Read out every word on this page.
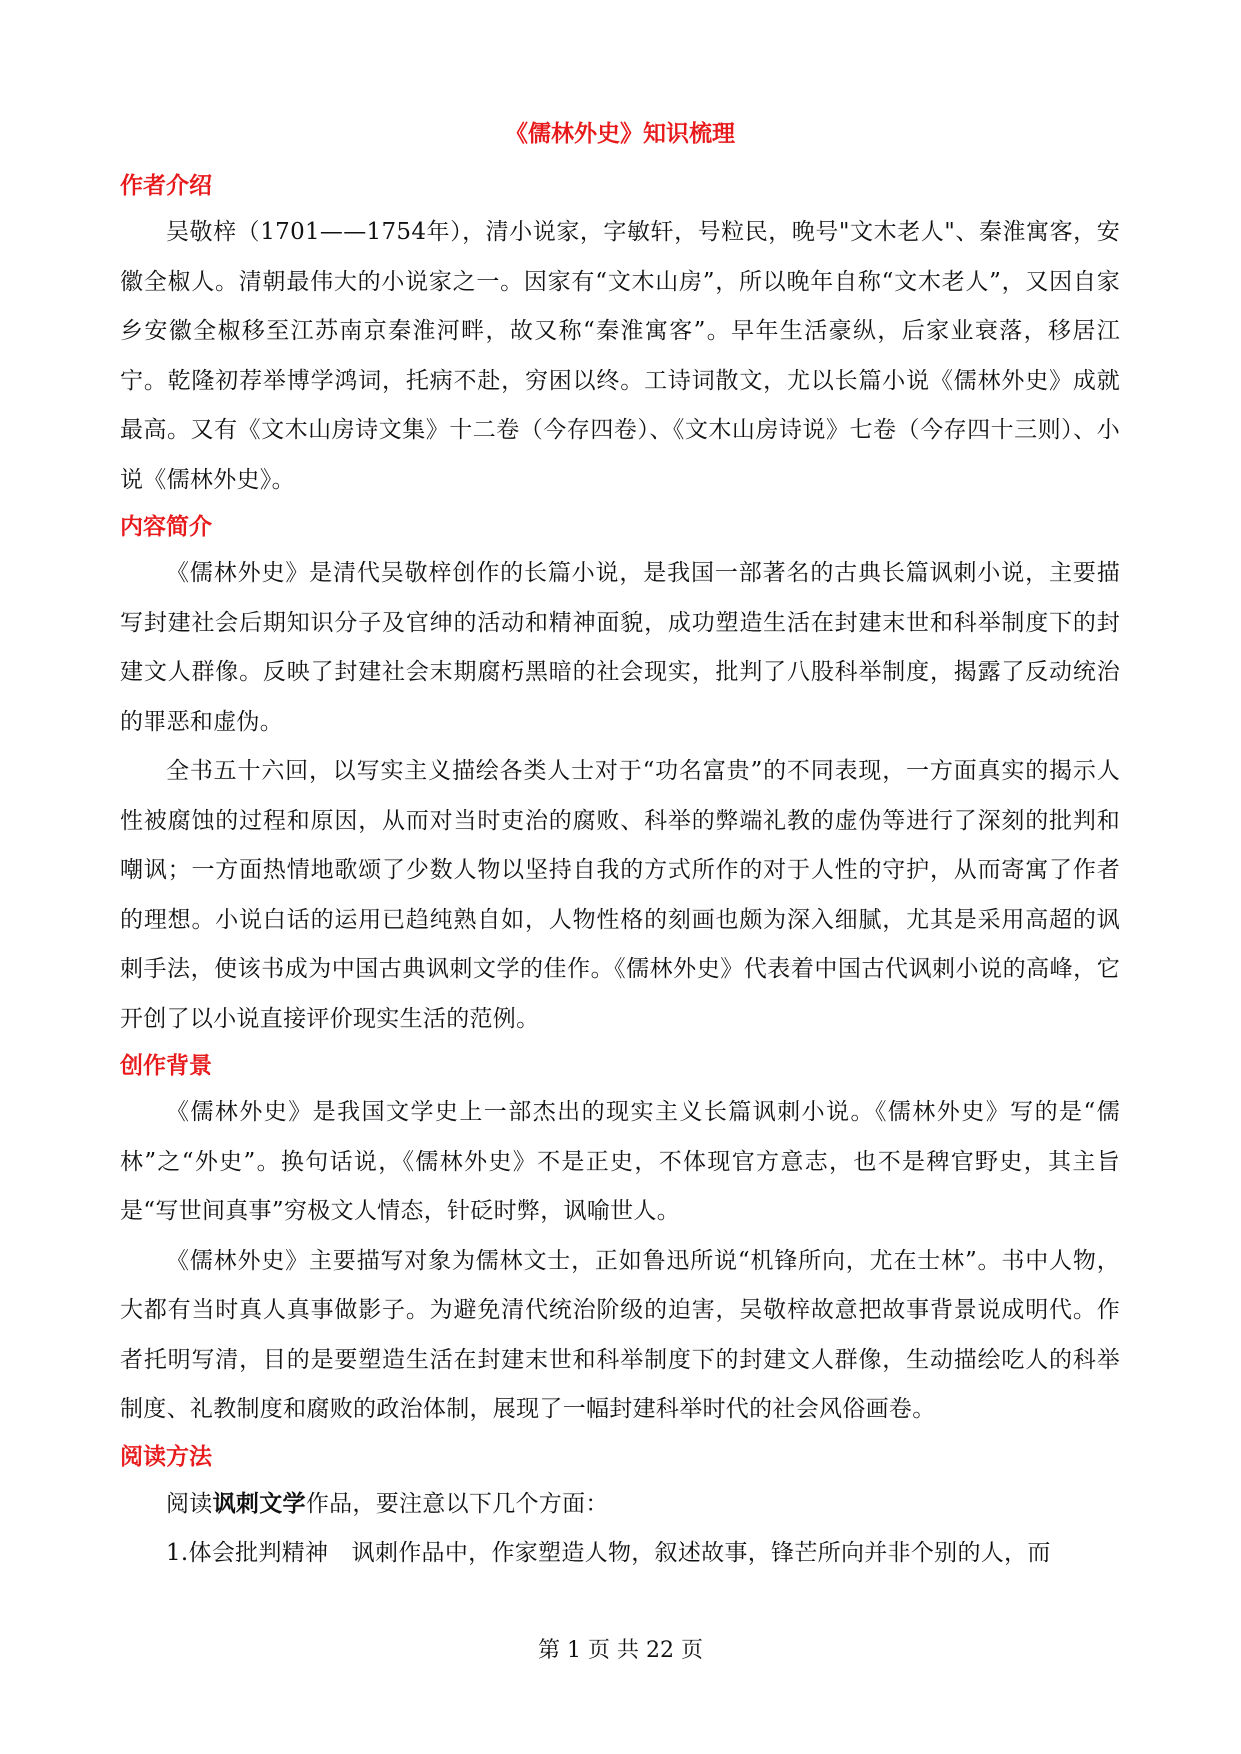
《儒林外史》知识梳理
作者介绍

吴敬梓（1701——1754年），清小说家，字敏轩，号粒民，晚号"文木老人"、秦淮寓客，安徽全椒人。清朝最伟大的小说家之一。因家有“文木山房”，所以晚年自称“文木老人”，又因自家乡安徽全椒移至江苏南京秦淮河畔，故又称“秦淮寓客”。早年生活豪纵，后家业衰落，移居江宁。乾隆初荐举博学鸿词，托病不赴，穷困以终。工诗词散文，尤以长篇小说《儒林外史》成就最高。又有《文木山房诗文集》十二卷（今存四卷）、《文木山房诗说》七卷（今存四十三则）、小说《儒林外史》。

内容简介

《儒林外史》是清代吴敬梓创作的长篇小说，是我国一部著名的古典长篇讽刺小说，主要描写封建社会后期知识分子及官绅的活动和精神面貌，成功塑造生活在封建末世和科举制度下的封建文人群像。反映了封建社会末期腐朽黑暗的社会现实，批判了八股科举制度，揭露了反动统治的罪恶和虚伪。

全书五十六回，以写实主义描绘各类人士对于“功名富贵”的不同表现，一方面真实的揭示人性被腐蚀的过程和原因，从而对当时吏治的腐败、科举的弊端礼教的虚伪等进行了深刻的批判和嘲讽；一方面热情地歌颂了少数人物以坚持自我的方式所作的对于人性的守护，从而寄寓了作者的理想。小说白话的运用已趋纯熟自如，人物性格的刻画也颇为深入细腻，尤其是采用高超的讽刺手法，使该书成为中国古典讽刺文学的佳作。《儒林外史》代表着中国古代讽刺小说的高峰，它开创了以小说直接评价现实生活的范例。

创作背景

《儒林外史》是我国文学史上一部杰出的现实主义长篇讽刺小说。《儒林外史》写的是“儒林”之“外史”。换句话说，《儒林外史》不是正史，不体现官方意志，也不是稗官野史，其主旨是“写世间真事”穷极文人情态，针砭时弊，讽喻世人。

《儒林外史》主要描写对象为儒林文士，正如鲁迅所说“机锋所向，尤在士林”。书中人物，大都有当时真人真事做影子。为避免清代统治阶级的迫害，吴敬梓故意把故事背景说成明代。作者托明写清，目的是要塑造生活在封建末世和科举制度下的封建文人群像，生动描绘吃人的科举制度、礼教制度和腐败的政治体制，展现了一幅封建科举时代的社会风俗画卷。

阅读方法

阅读讽刺文学作品，要注意以下几个方面：

1.体会批判精神　讽刺作品中，作家塑造人物，叙述故事，锋芒所向并非个别的人，而

第 1 页 共 22 页
